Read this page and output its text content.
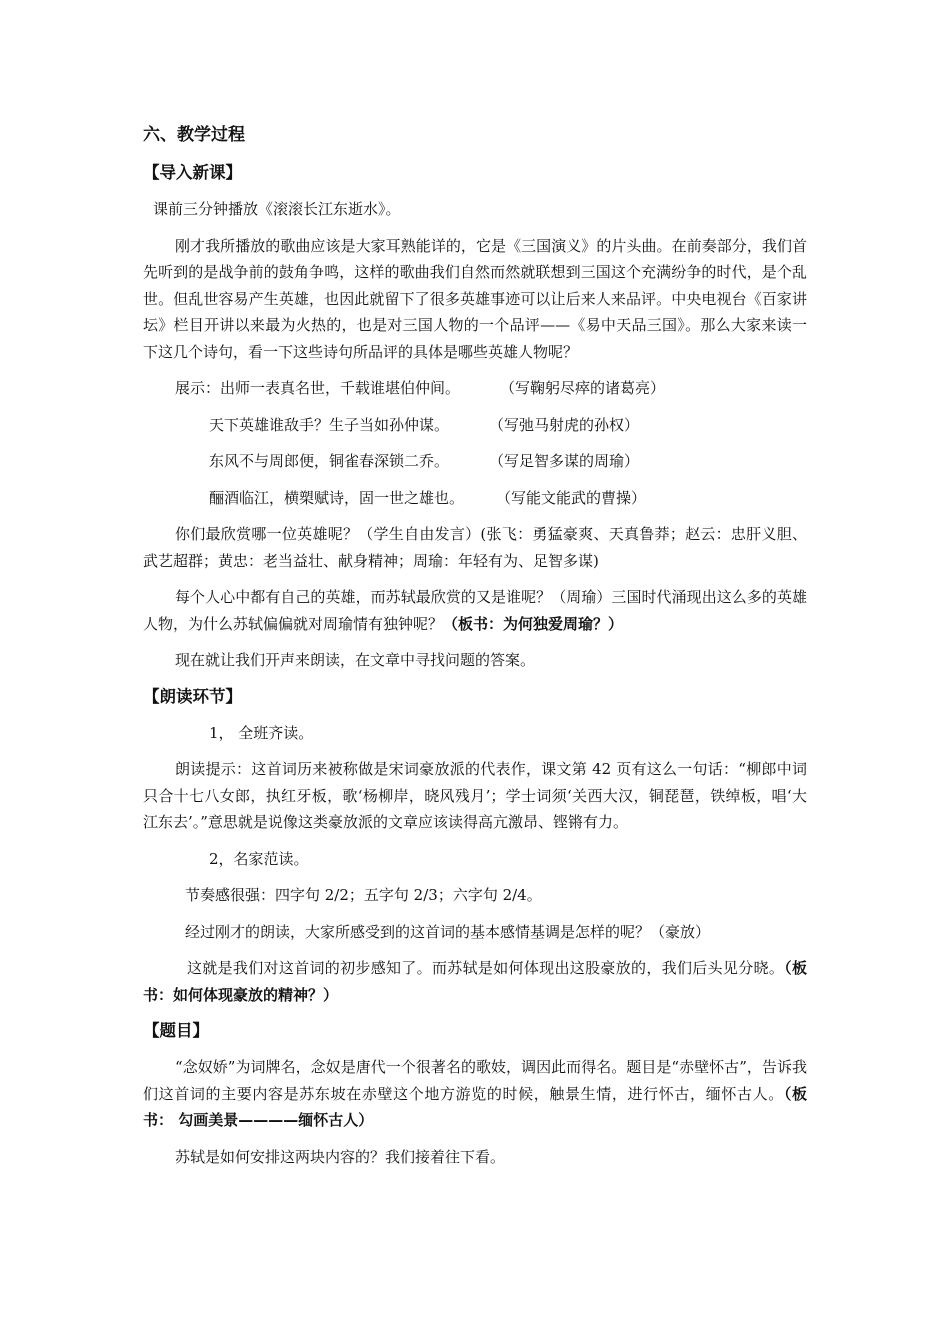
六、教学过程
【导入新课】

课前三分钟播放《滚滚长江东逝水》。

刚才我所播放的歌曲应该是大家耳熟能详的，它是《三国演义》的片头曲。在前奏部分，我们首先听到的是战争前的鼓角争鸣，这样的歌曲我们自然而然就联想到三国这个充满纷争的时代，是个乱世。但乱世容易产生英雄，也因此就留下了很多英雄事迹可以让后来人来品评。中央电视台《百家讲坛》栏目开讲以来最为火热的，也是对三国人物的一个品评——《易中天品三国》。那么大家来读一下这几个诗句，看一下这些诗句所品评的具体是哪些英雄人物呢？

展示：出师一表真名世，千载谁堪伯仲间。	（写鞠躬尽瘁的诸葛亮）

天下英雄谁敌手？生子当如孙仲谋。	（写弛马射虎的孙权）

东风不与周郎便，铜雀春深锁二乔。	（写足智多谋的周瑜）

酾酒临江，横槊赋诗，固一世之雄也。 （写能文能武的曹操）

你们最欣赏哪一位英雄呢？（学生自由发言）(张飞：勇猛豪爽、天真鲁莽；赵云：忠肝义胆、武艺超群；黄忠：老当益壮、献身精神；周瑜：年轻有为、足智多谋)

每个人心中都有自己的英雄，而苏轼最欣赏的又是谁呢？（周瑜）三国时代涌现出这么多的英雄人物，为什么苏轼偏偏就对周瑜情有独钟呢？（板书：为何独爱周瑜？）

现在就让我们开声来朗读，在文章中寻找问题的答案。

【朗读环节】

1， 全班齐读。

朗读提示：这首词历来被称做是宋词豪放派的代表作，课文第 42 页有这么一句话：“柳郎中词只合十七八女郎，执红牙板，歌‘杨柳岸，晓风残月’；学士词须‘关西大汉，铜琵琶，铁绰板，唱‘大江东去’。”意思就是说像这类豪放派的文章应该读得高亢激昂、铿锵有力。

2，名家范读。

节奏感很强：四字句 2/2；五字句 2/3；六字句 2/4。

经过刚才的朗读，大家所感受到的这首词的基本感情基调是怎样的呢？（豪放）

这就是我们对这首词的初步感知了。而苏轼是如何体现出这股豪放的，我们后头见分晓。（板书：如何体现豪放的精神？）

【题目】

“念奴娇”为词牌名，念奴是唐代一个很著名的歌妓，调因此而得名。题目是“赤壁怀古”，告诉我们这首词的主要内容是苏东坡在赤壁这个地方游览的时候，触景生情，进行怀古，缅怀古人。（板书： 勾画美景————缅怀古人）

苏轼是如何安排这两块内容的？我们接着往下看。
